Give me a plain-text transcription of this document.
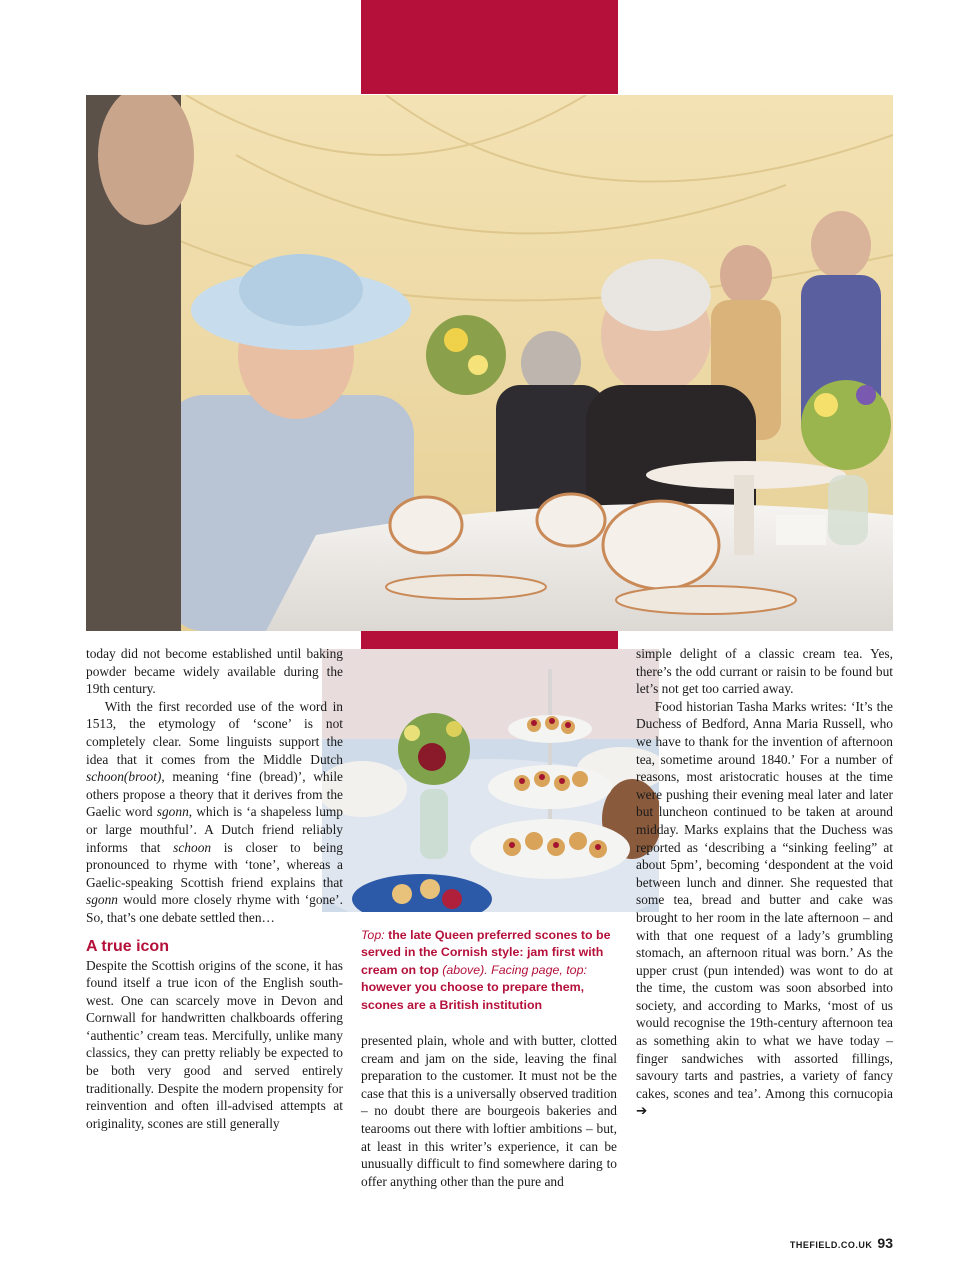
today did not become established until baking powder became widely available during the 19th century.

With the first recorded use of the word in 1513, the etymology of ‘scone’ is not completely clear. Some linguists support the idea that it comes from the Middle Dutch schoon(broot), meaning ‘fine (bread)’, while others propose a theory that it derives from the Gaelic word sgonn, which is ‘a shapeless lump or large mouthful’. A Dutch friend reliably informs that schoon is closer to being pronounced to rhyme with ‘tone’, whereas a Gaelic-speaking Scottish friend explains that sgonn would more closely rhyme with ‘gone’. So, that’s one debate settled then…

A true icon

Despite the Scottish origins of the scone, it has found itself a true icon of the English south-west. One can scarcely move in Devon and Cornwall for handwritten chalkboards offering ‘authentic’ cream teas. Mercifully, unlike many classics, they can pretty reliably be expected to be both very good and served entirely traditionally. Despite the modern propensity for reinvention and often ill-advised attempts at originality, scones are still generally

Top: the late Queen preferred scones to be served in the Cornish style: jam first with cream on top (above). Facing page, top: however you choose to prepare them, scones are a British institution

presented plain, whole and with butter, clotted cream and jam on the side, leaving the final preparation to the customer. It must not be the case that this is a universally observed tradition – no doubt there are bourgeois bakeries and tearooms out there with loftier ambitions – but, at least in this writer’s experience, it can be unusually difficult to find somewhere daring to offer anything other than the pure and

simple delight of a classic cream tea. Yes, there’s the odd currant or raisin to be found but let’s not get too carried away.

Food historian Tasha Marks writes: ‘It’s the Duchess of Bedford, Anna Maria Russell, who we have to thank for the invention of afternoon tea, sometime around 1840.’ For a number of reasons, most aristocratic houses at the time were pushing their evening meal later and later but luncheon continued to be taken at around midday. Marks explains that the Duchess was reported as ‘describing a “sinking feeling” at about 5pm’, becoming ‘despondent at the void between lunch and dinner. She requested that some tea, bread and butter and cake was brought to her room in the late afternoon – and with that one request of a lady’s grumbling stomach, an afternoon ritual was born.’ As the upper crust (pun intended) was wont to do at the time, the custom was soon absorbed into society, and according to Marks, ‘most of us would recognise the 19th-century afternoon tea as something akin to what we have today – finger sandwiches with assorted fillings, savoury tarts and pastries, a variety of fancy cakes, scones and tea’. Among this cornucopia ➔

THEFIELD.CO.UK 93
